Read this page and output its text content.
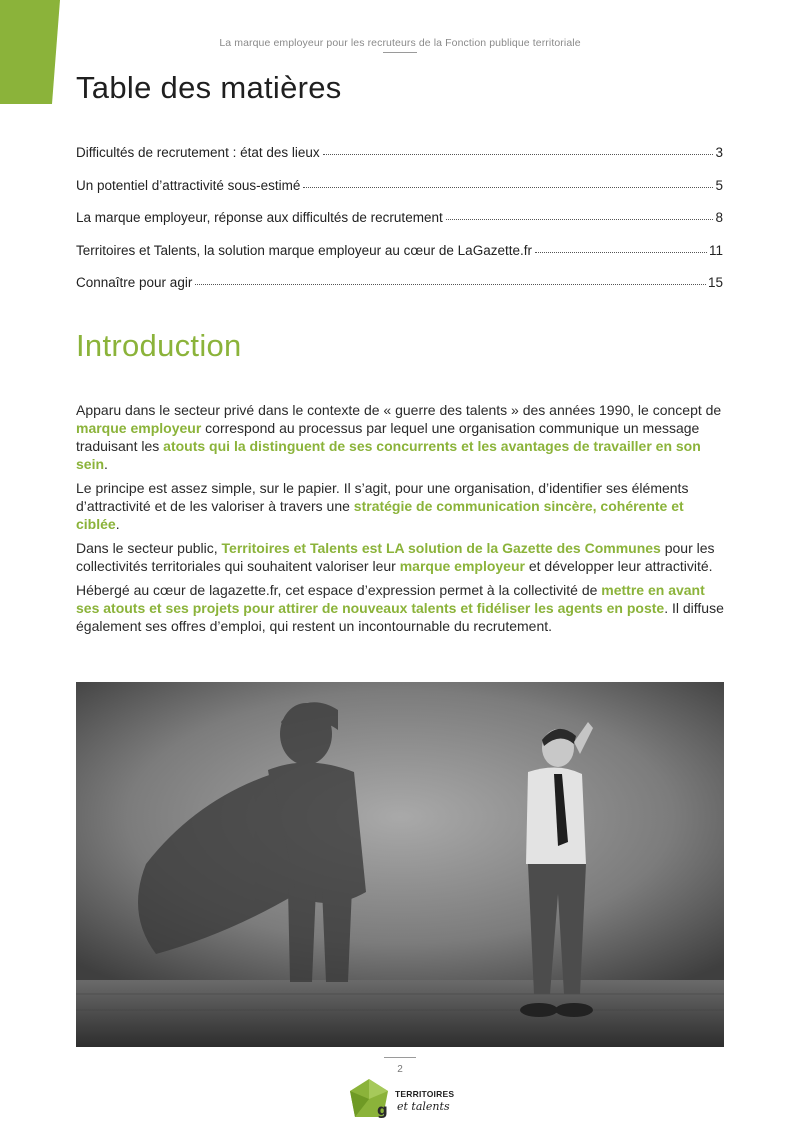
La marque employeur pour les recruteurs de la Fonction publique territoriale
Table des matières
Difficultés de recrutement : état des lieux	3
Un potentiel d’attractivité sous-estimé	5
La marque employeur, réponse aux difficultés de recrutement	8
Territoires et Talents, la solution marque employeur au cœur de LaGazette.fr	11
Connaître pour agir	15
Introduction

Apparu dans le secteur privé dans le contexte de « guerre des talents » des années 1990, le concept de marque employeur correspond au processus par lequel une organisation communique un message traduisant les atouts qui la distinguent de ses concurrents et les avantages de travailler en son sein.

Le principe est assez simple, sur le papier. Il s’agit, pour une organisation, d’identifier ses éléments d’attractivité et de les valoriser à travers une stratégie de communication sincère, cohérente et ciblée.

Dans le secteur public, Territoires et Talents est LA solution de la Gazette des Communes pour les collectivités territoriales qui souhaitent valoriser leur marque employeur et développer leur attractivité.

Hébergé au cœur de lagazette.fr, cet espace d’expression permet à la collectivité de mettre en avant ses atouts et ses projets pour attirer de nouveaux talents et fidéliser les agents en poste. Il diffuse également ses offres d’emploi, qui restent un incontournable du recrutement.

2
g
TERRITOIRES
et talents
